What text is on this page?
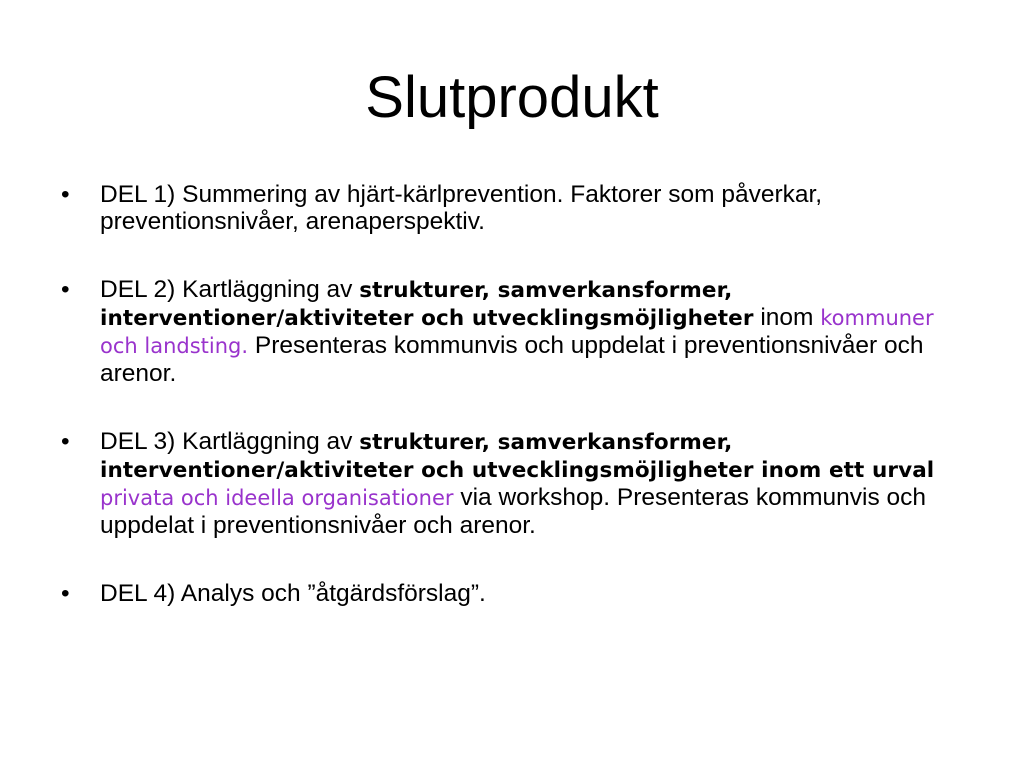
Slutprodukt
•	DEL 1) Summering av hjärt-kärlprevention. Faktorer som påverkar, preventionsnivåer, arenaperspektiv.
•	DEL 2) Kartläggning av strukturer, samverkansformer, interventioner/aktiviteter och utvecklingsmöjligheter inom kommuner och landsting. Presenteras kommunvis och uppdelat i preventionsnivåer och arenor.
•	DEL 3) Kartläggning av strukturer, samverkansformer, interventioner/aktiviteter och utvecklingsmöjligheter inom ett urval privata och ideella organisationer via workshop. Presenteras kommunvis och uppdelat i preventionsnivåer och arenor.
•	DEL 4) Analys och ”åtgärdsförslag”.
